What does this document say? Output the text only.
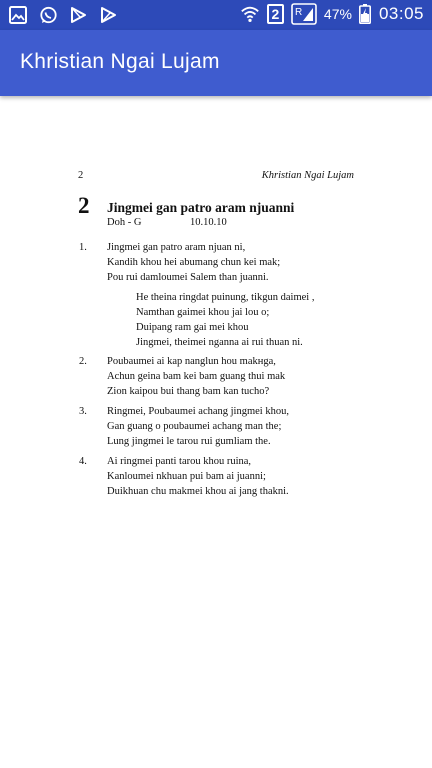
2	R 47% 03:05
Khristian Ngai Lujam
2	Khristian Ngai Lujam
2 Jingmei gan patro aram njuanni
Doh - G	10.10.10
1. Jingmei gan patro aram njuan ni,
Kandih khou hei abumang chun kei mak;
Pou rui damloumei Salem than juanni.
He theina ringdat puinung, tikgun daimei ,
Namthan gaimei khou jai lou o;
Duipang ram gai mei khou
Jingmei, theimei nganna ai rui thuan ni.
2. Poubaumei ai kap nanglun hou makнga,
Achun geina bam kei bam guang thui mak
Zion kaipou bui thang bam kan tucho?
3. Ringmei, Poubaumei achang jingmei khou,
Gan guang o poubaumei achang man the;
Lung jingmei le tarou rui gumliam the.
4. Ai ringmei panti tarou khou ruina,
Kanloumei nkhuan pui bam ai juanni;
Duikhuan chu makmei khou ai jang thakni.
